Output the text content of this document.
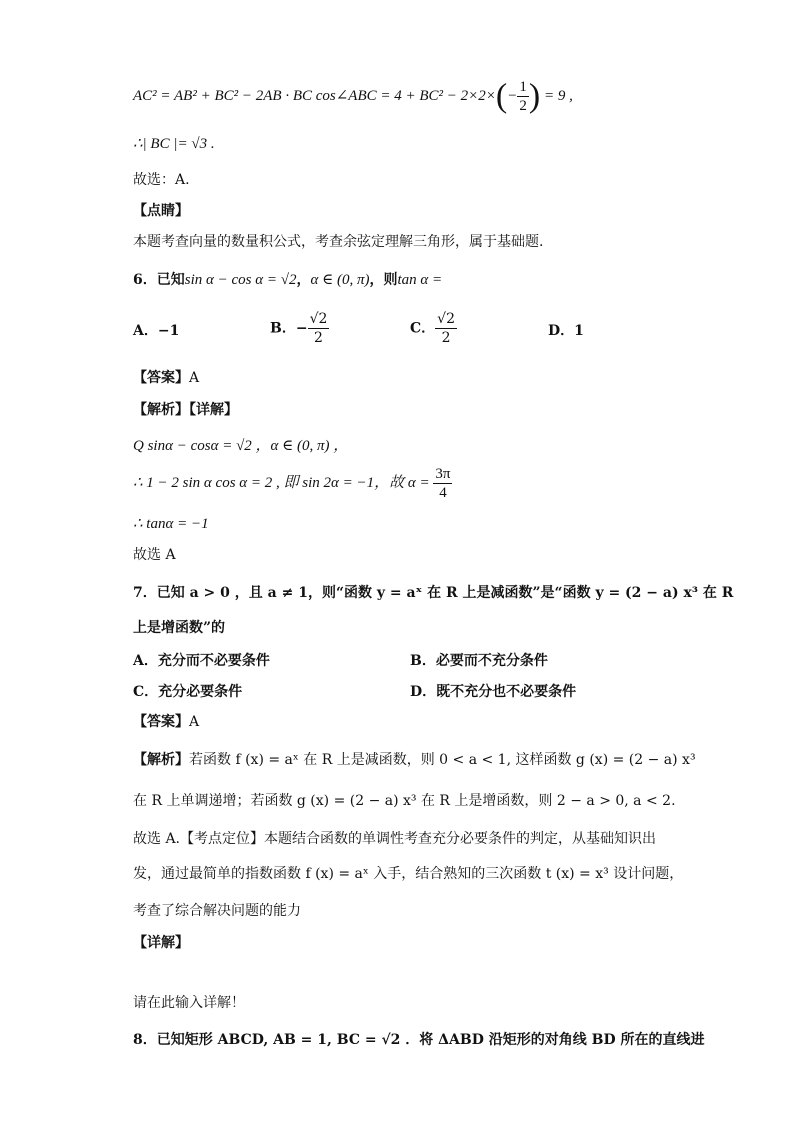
AC² = AB² + BC² − 2AB · BC cos∠ABC = $4 + BC^2 - 2\times 2\times(- \frac{1}{2}$ ) = 9 ,
∴| BC |= √3 .
故选：A.
【点睛】
本题考查向量的数量积公式，考查余弦定理解三角形，属于基础题.
6．已知sin α − cos α = √2，α ∈ (0, π)，则tan α =
A．−1	B．− $\frac{√2}{2}$	C． $\frac{√2}{2}$	D．1
【答案】A
【解析】【详解】
Q sinα − cosα = √2 ，α ∈ (0, π) ，
∴ 1 − 2 sin α cos α = 2 , 即 sin 2α = −1，故 $\alpha = \frac{3\pi}{4}$
∴ tanα = −1
故选 A
7．已知 a > 0 ，且 a ≠ 1，则“函数 y = aˣ 在 R 上是减函数”是“函数 y = (2 − a) x³ 在 R
上是增函数”的
A．充分而不必要条件	B．必要而不充分条件
C．充分必要条件	D．既不充分也不必要条件
【答案】A
【解析】若函数 f (x) = aˣ 在 R 上是减函数，则 0 < a < 1, 这样函数 g (x) = (2 − a) x³
在 R 上单调递增；若函数 g (x) = (2 − a) x³ 在 R 上是增函数，则 2 − a > 0, a < 2.
故选 A.【考点定位】本题结合函数的单调性考查充分必要条件的判定，从基础知识出
发，通过最简单的指数函数 f (x) = aˣ 入手，结合熟知的三次函数 t (x) = x³ 设计问题，
考查了综合解决问题的能力
【详解】
请在此输入详解！
8．已知矩形 ABCD, AB = 1, BC = √2 ．将 ΔABD 沿矩形的对角线 BD 所在的直线进
